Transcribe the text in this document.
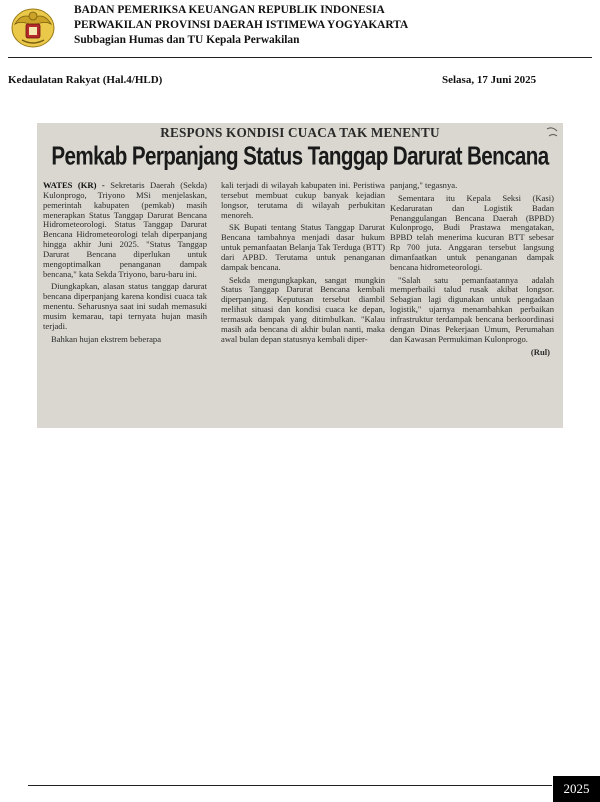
BADAN PEMERIKSA KEUANGAN REPUBLIK INDONESIA
PERWAKILAN PROVINSI DAERAH ISTIMEWA YOGYAKARTA
Subbagian Humas dan TU Kepala Perwakilan
Kedaulatan Rakyat (Hal.4/HLD)	Selasa, 17 Juni 2025
RESPONS KONDISI CUACA TAK MENENTU
Pemkab Perpanjang Status Tanggap Darurat Bencana

WATES (KR) - Sekretaris Daerah (Sekda) Kulonprogo, Triyono MSi menjelaskan, pemerintah kabupaten (pemkab) masih menerapkan Status Tanggap Darurat Bencana Hidrometeorologi. Status Tanggap Darurat Bencana Hidrometeorologi telah diperpanjang hingga akhir Juni 2025. "Status Tanggap Darurat Bencana diperlukan untuk mengoptimalkan penanganan dampak bencana," kata Sekda Triyono, baru-baru ini.

Diungkapkan, alasan status tanggap darurat bencana diperpanjang karena kondisi cuaca tak menentu. Seharusnya saat ini sudah memasuki musim kemarau, tapi ternyata hujan masih terjadi.

Bahkan hujan ekstrem beberapa

kali terjadi di wilayah kabupaten ini. Peristiwa tersebut membuat cukup banyak kejadian longsor, terutama di wilayah perbukitan menoreh.

SK Bupati tentang Status Tanggap Darurat Bencana tambahnya menjadi dasar hukum untuk pemanfaatan Belanja Tak Terduga (BTT) dari APBD. Terutama untuk penanganan dampak bencana.

Sekda mengungkapkan, sangat mungkin Status Tanggap Darurat Bencana kembali diperpanjang. Keputusan tersebut diambil melihat situasi dan kondisi cuaca ke depan, termasuk dampak yang ditimbulkan. "Kalau masih ada bencana di akhir bulan nanti, maka awal bulan depan statusnya kembali diper-

panjang," tegasnya.

Sementara itu Kepala Seksi (Kasi) Kedaruratan dan Logistik Badan Penanggulangan Bencana Daerah (BPBD) Kulonprogo, Budi Prastawa mengatakan, BPBD telah menerima kucuran BTT sebesar Rp 700 juta. Anggaran tersebut langsung dimanfaatkan untuk penanganan dampak bencana hidrometeorologi.

"Salah satu pemanfaatannya adalah memperbaiki talud rusak akibat longsor. Sebagian lagi digunakan untuk pengadaan logistik," ujarnya menambahkan perbaikan infrastruktur terdampak bencana berkoordinasi dengan Dinas Pekerjaan Umum, Perumahan dan Kawasan Permukiman Kulonprogo.

(Rul)

2025
